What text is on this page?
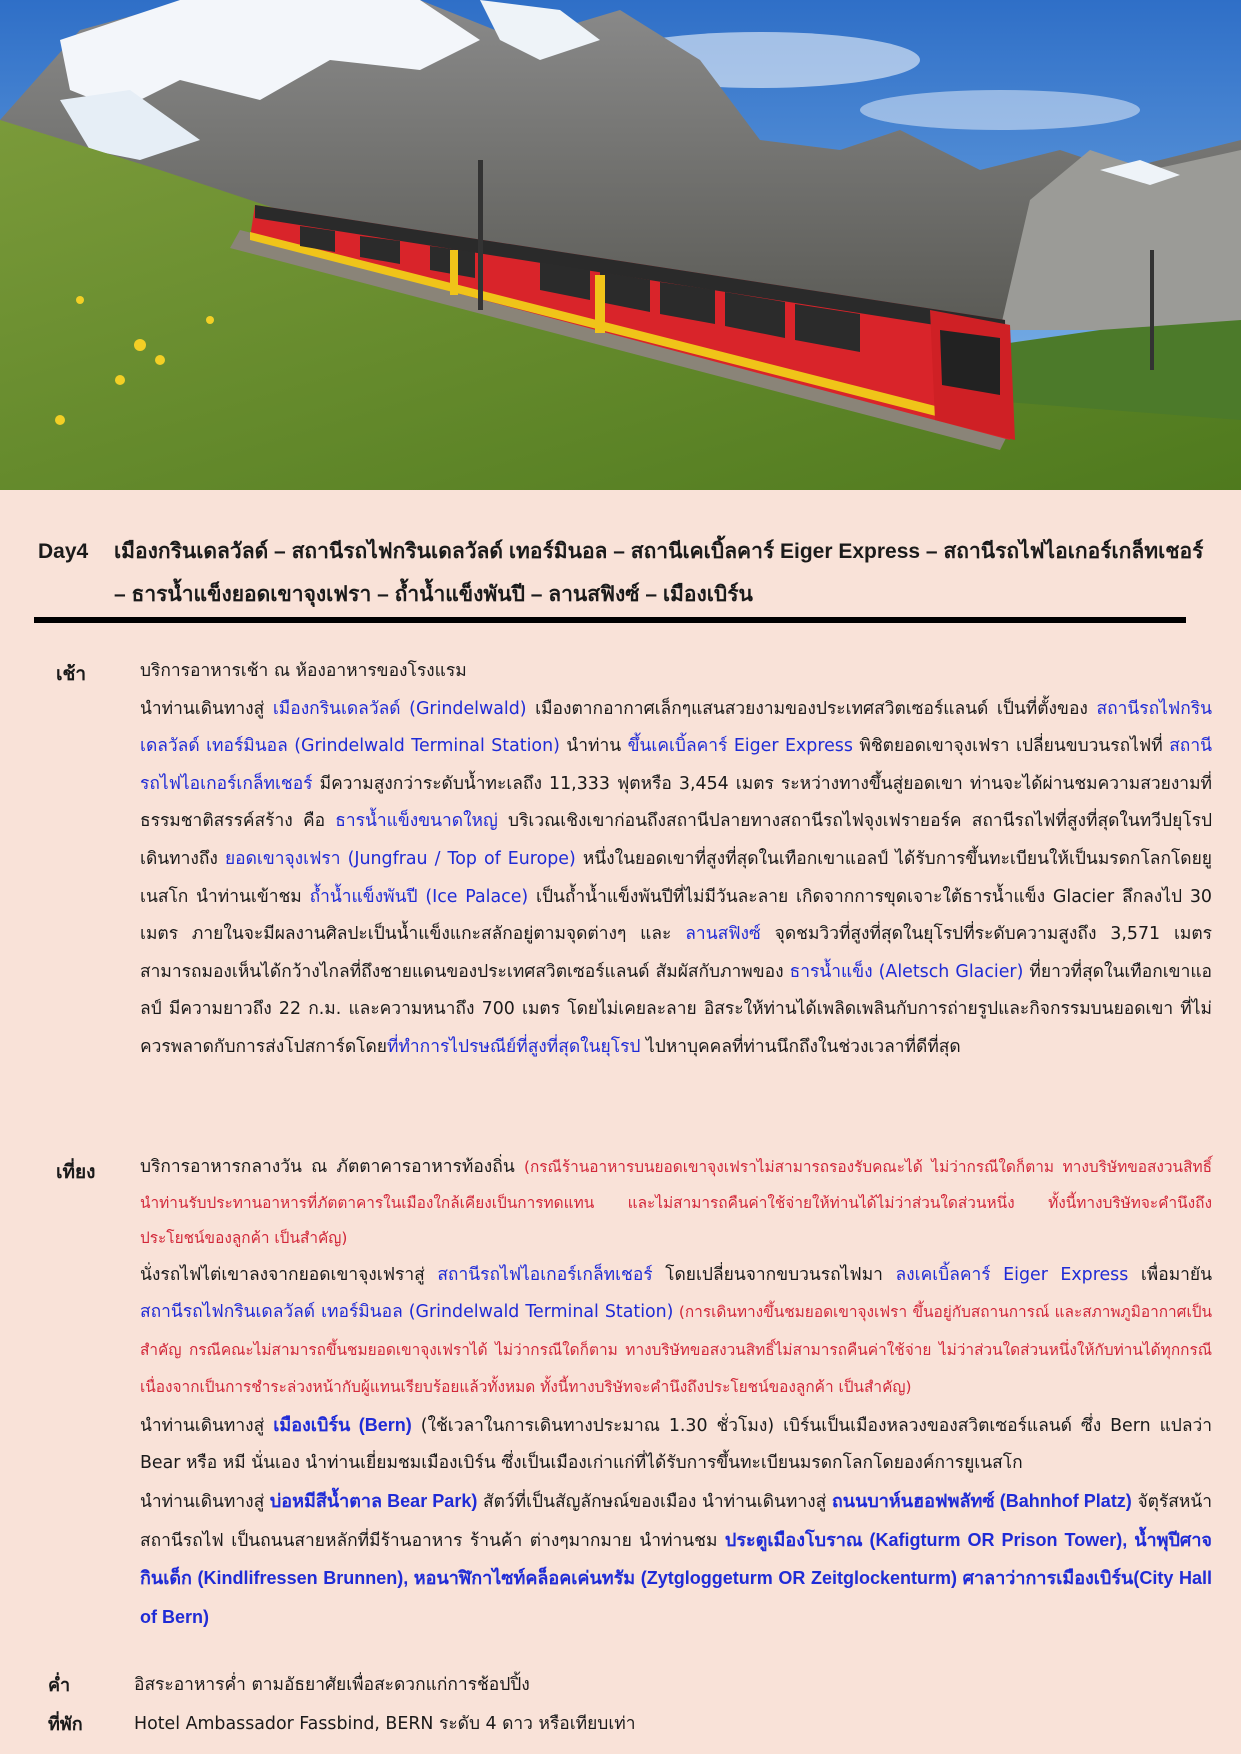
Day4 เมืองกรินเดลวัลด์ – สถานีรถไฟกรินเดลวัลด์ เทอร์มินอล – สถานีเคเบิ้ลคาร์ Eiger Express – สถานีรถไฟไอเกอร์เกล็ทเชอร์ – ธารน้ำแข็งยอดเขาจุงเฟรา – ถ้ำน้ำแข็งพันปี – ลานสฟิงซ์ – เมืองเบิร์น
เช้า	บริการอาหารเช้า ณ ห้องอาหารของโรงแรม

นำท่านเดินทางสู่ เมืองกรินเดลวัลด์ (Grindelwald) เมืองตากอากาศเล็กๆแสนสวยงามของประเทศสวิตเซอร์แลนด์ เป็นที่ตั้งของ สถานีรถไฟกรินเดลวัลด์ เทอร์มินอล (Grindelwald Terminal Station) นำท่าน ขึ้นเคเบิ้ลคาร์ Eiger Express พิชิตยอดเขาจุงเฟรา เปลี่ยนขบวนรถไฟที่ สถานีรถไฟไอเกอร์เกล็ทเชอร์ มีความสูงกว่าระดับน้ำทะเลถึง 11,333 ฟุตหรือ 3,454 เมตร ระหว่างทางขึ้นสู่ยอดเขา ท่านจะได้ผ่านชมความสวยงามที่ธรรมชาติสรรค์สร้าง คือ ธารน้ำแข็งขนาดใหญ่ บริเวณเชิงเขาก่อนถึงสถานีปลายทางสถานีรถไฟจุงเฟรายอร์ค สถานีรถไฟที่สูงที่สุดในทวีปยุโรป เดินทางถึง ยอดเขาจุงเฟรา (Jungfrau / Top of Europe) หนึ่งในยอดเขาที่สูงที่สุดในเทือกเขาแอลป์ ได้รับการขึ้นทะเบียนให้เป็นมรดกโลกโดยยูเนสโก นำท่านเข้าชม ถ้ำน้ำแข็งพันปี (Ice Palace) เป็นถ้ำน้ำแข็งพันปีที่ไม่มีวันละลาย เกิดจากการขุดเจาะใต้ธารน้ำแข็ง Glacier ลึกลงไป 30 เมตร ภายในจะมีผลงานศิลปะเป็นน้ำแข็งแกะสลักอยู่ตามจุดต่างๆ และ ลานสฟิงซ์ จุดชมวิวที่สูงที่สุดในยุโรปที่ระดับความสูงถึง 3,571 เมตร สามารถมองเห็นได้กว้างไกลที่ถึงชายแดนของประเทศสวิตเซอร์แลนด์ สัมผัสกับภาพของ ธารน้ำแข็ง (Aletsch Glacier) ที่ยาวที่สุดในเทือกเขาแอลป์ มีความยาวถึง 22 ก.ม. และความหนาถึง 700 เมตร โดยไม่เคยละลาย อิสระให้ท่านได้เพลิดเพลินกับการถ่ายรูปและกิจกรรมบนยอดเขา ที่ไม่ควรพลาดกับการส่งโปสการ์ดโดยที่ทำการไปรษณีย์ที่สูงที่สุดในยุโรป ไปหาบุคคลที่ท่านนึกถึงในช่วงเวลาที่ดีที่สุด

เที่ยง	บริการอาหารกลางวัน ณ ภัตตาคารอาหารท้องถิ่น (กรณีร้านอาหารบนยอดเขาจุงเฟราไม่สามารถรองรับคณะได้ ไม่ว่ากรณีใดก็ตาม ทางบริษัทขอสงวนสิทธิ์นำท่านรับประทานอาหารที่ภัตตาคารในเมืองใกล้เคียงเป็นการทดแทน และไม่สามารถคืนค่าใช้จ่ายให้ท่านได้ไม่ว่าส่วนใดส่วนหนึ่ง ทั้งนี้ทางบริษัทจะคำนึงถึงประโยชน์ของลูกค้า เป็นสำคัญ)

นั่งรถไฟไต่เขาลงจากยอดเขาจุงเฟราสู่ สถานีรถไฟไอเกอร์เกล็ทเชอร์ โดยเปลี่ยนจากขบวนรถไฟมา ลงเคเบิ้ลคาร์ Eiger Express เพื่อมายัน สถานีรถไฟกรินเดลวัลด์ เทอร์มินอล (Grindelwald Terminal Station) (การเดินทางขึ้นชมยอดเขาจุงเฟรา ขึ้นอยู่กับสถานการณ์ และสภาพภูมิอากาศเป็นสำคัญ กรณีคณะไม่สามารถขึ้นชมยอดเขาจุงเฟราได้ ไม่ว่ากรณีใดก็ตาม ทางบริษัทขอสงวนสิทธิ์ไม่สามารถคืนค่าใช้จ่าย ไม่ว่าส่วนใดส่วนหนึ่งให้กับท่านได้ทุกกรณี เนื่องจากเป็นการชำระล่วงหน้ากับผู้แทนเรียบร้อยแล้วทั้งหมด ทั้งนี้ทางบริษัทจะคำนึงถึงประโยชน์ของลูกค้า เป็นสำคัญ)

นำท่านเดินทางสู่ เมืองเบิร์น (Bern) (ใช้เวลาในการเดินทางประมาณ 1.30 ชั่วโมง) เบิร์นเป็นเมืองหลวงของสวิตเซอร์แลนด์ ซึ่ง Bern แปลว่า Bear หรือ หมี นั่นเอง นำท่านเยี่ยมชมเมืองเบิร์น ซึ่งเป็นเมืองเก่าแก่ที่ได้รับการขึ้นทะเบียนมรดกโลกโดยองค์การยูเนสโก

นำท่านเดินทางสู่ บ่อหมีสีน้ำตาล Bear Park) สัตว์ที่เป็นสัญลักษณ์ของเมือง นำท่านเดินทางสู่ ถนนบาห์นฮอฟพลัทซ์ (Bahnhof Platz) จัตุรัสหน้าสถานีรถไฟ เป็นถนนสายหลักที่มีร้านอาหาร ร้านค้า ต่างๆมากมาย นำท่านชม ประตูเมืองโบราณ (Kafigturm OR Prison Tower), น้ำพุปีศาจกินเด็ก (Kindlifressen Brunnen), หอนาฬิกาไซท์คล็อคเค่นทรัม (Zytgloggeturm OR Zeitglockenturm) ศาลาว่าการเมืองเบิร์น(City Hall of Bern)

ค่ำ	อิสระอาหารค่ำ ตามอัธยาศัยเพื่อสะดวกแก่การช้อปปิ้ง
ที่พัก	Hotel Ambassador Fassbind, BERN ระดับ 4 ดาว หรือเทียบเท่า
